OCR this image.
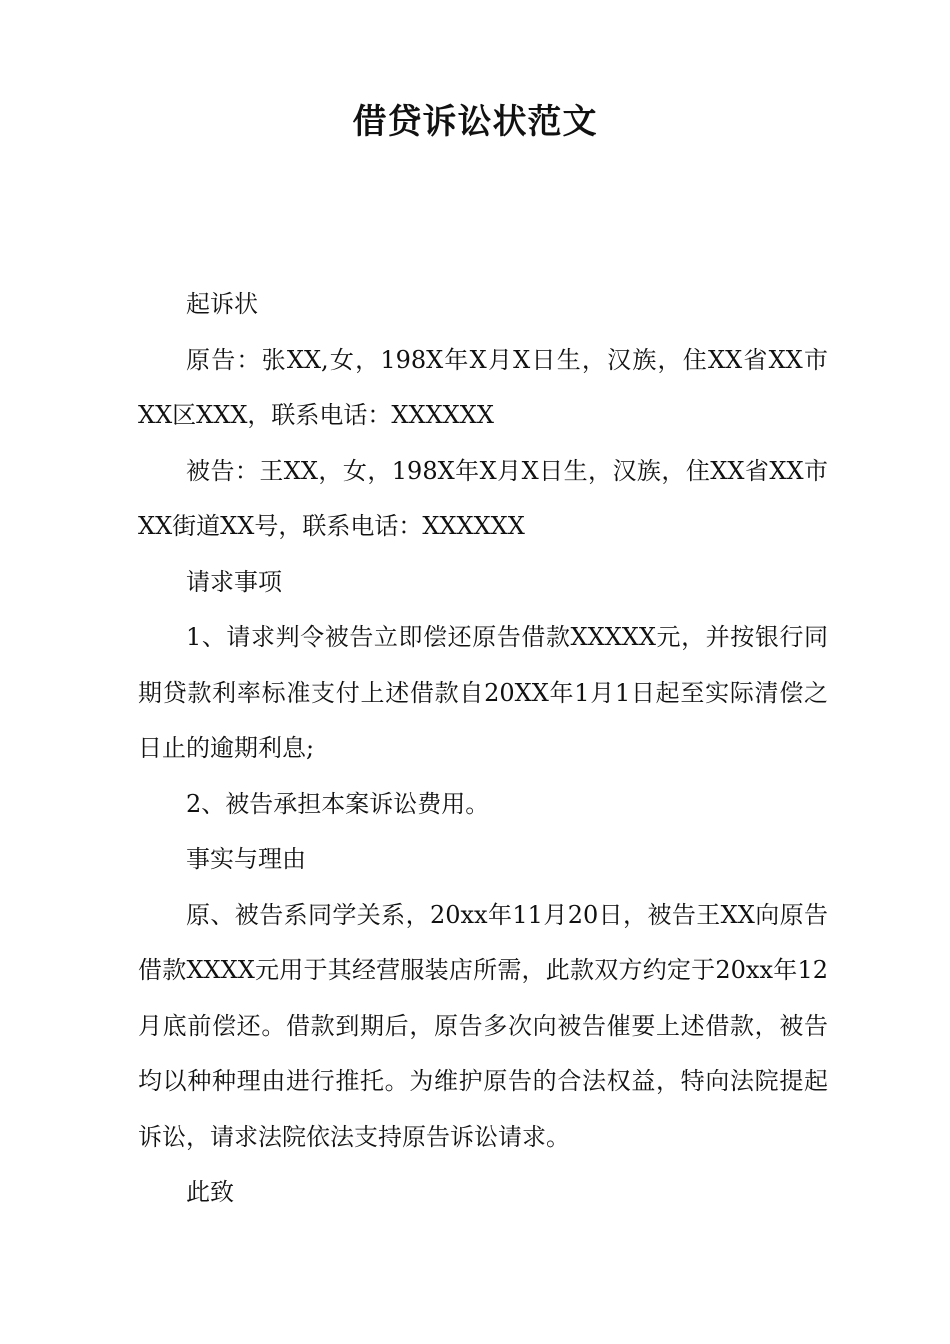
借贷诉讼状范文

起诉状

原告：张XX,女，198X年X月X日生，汉族，住XX省XX市XX区XXX，联系电话：XXXXXX

被告：王XX，女，198X年X月X日生，汉族，住XX省XX市XX街道XX号，联系电话：XXXXXX

请求事项

1、请求判令被告立即偿还原告借款XXXXX元，并按银行同期贷款利率标准支付上述借款自20XX年1月1日起至实际清偿之日止的逾期利息;

2、被告承担本案诉讼费用。

事实与理由

原、被告系同学关系，20xx年11月20日，被告王XX向原告借款XXXX元用于其经营服装店所需，此款双方约定于20xx年12月底前偿还。借款到期后，原告多次向被告催要上述借款，被告均以种种理由进行推托。为维护原告的合法权益，特向法院提起诉讼，请求法院依法支持原告诉讼请求。

此致
